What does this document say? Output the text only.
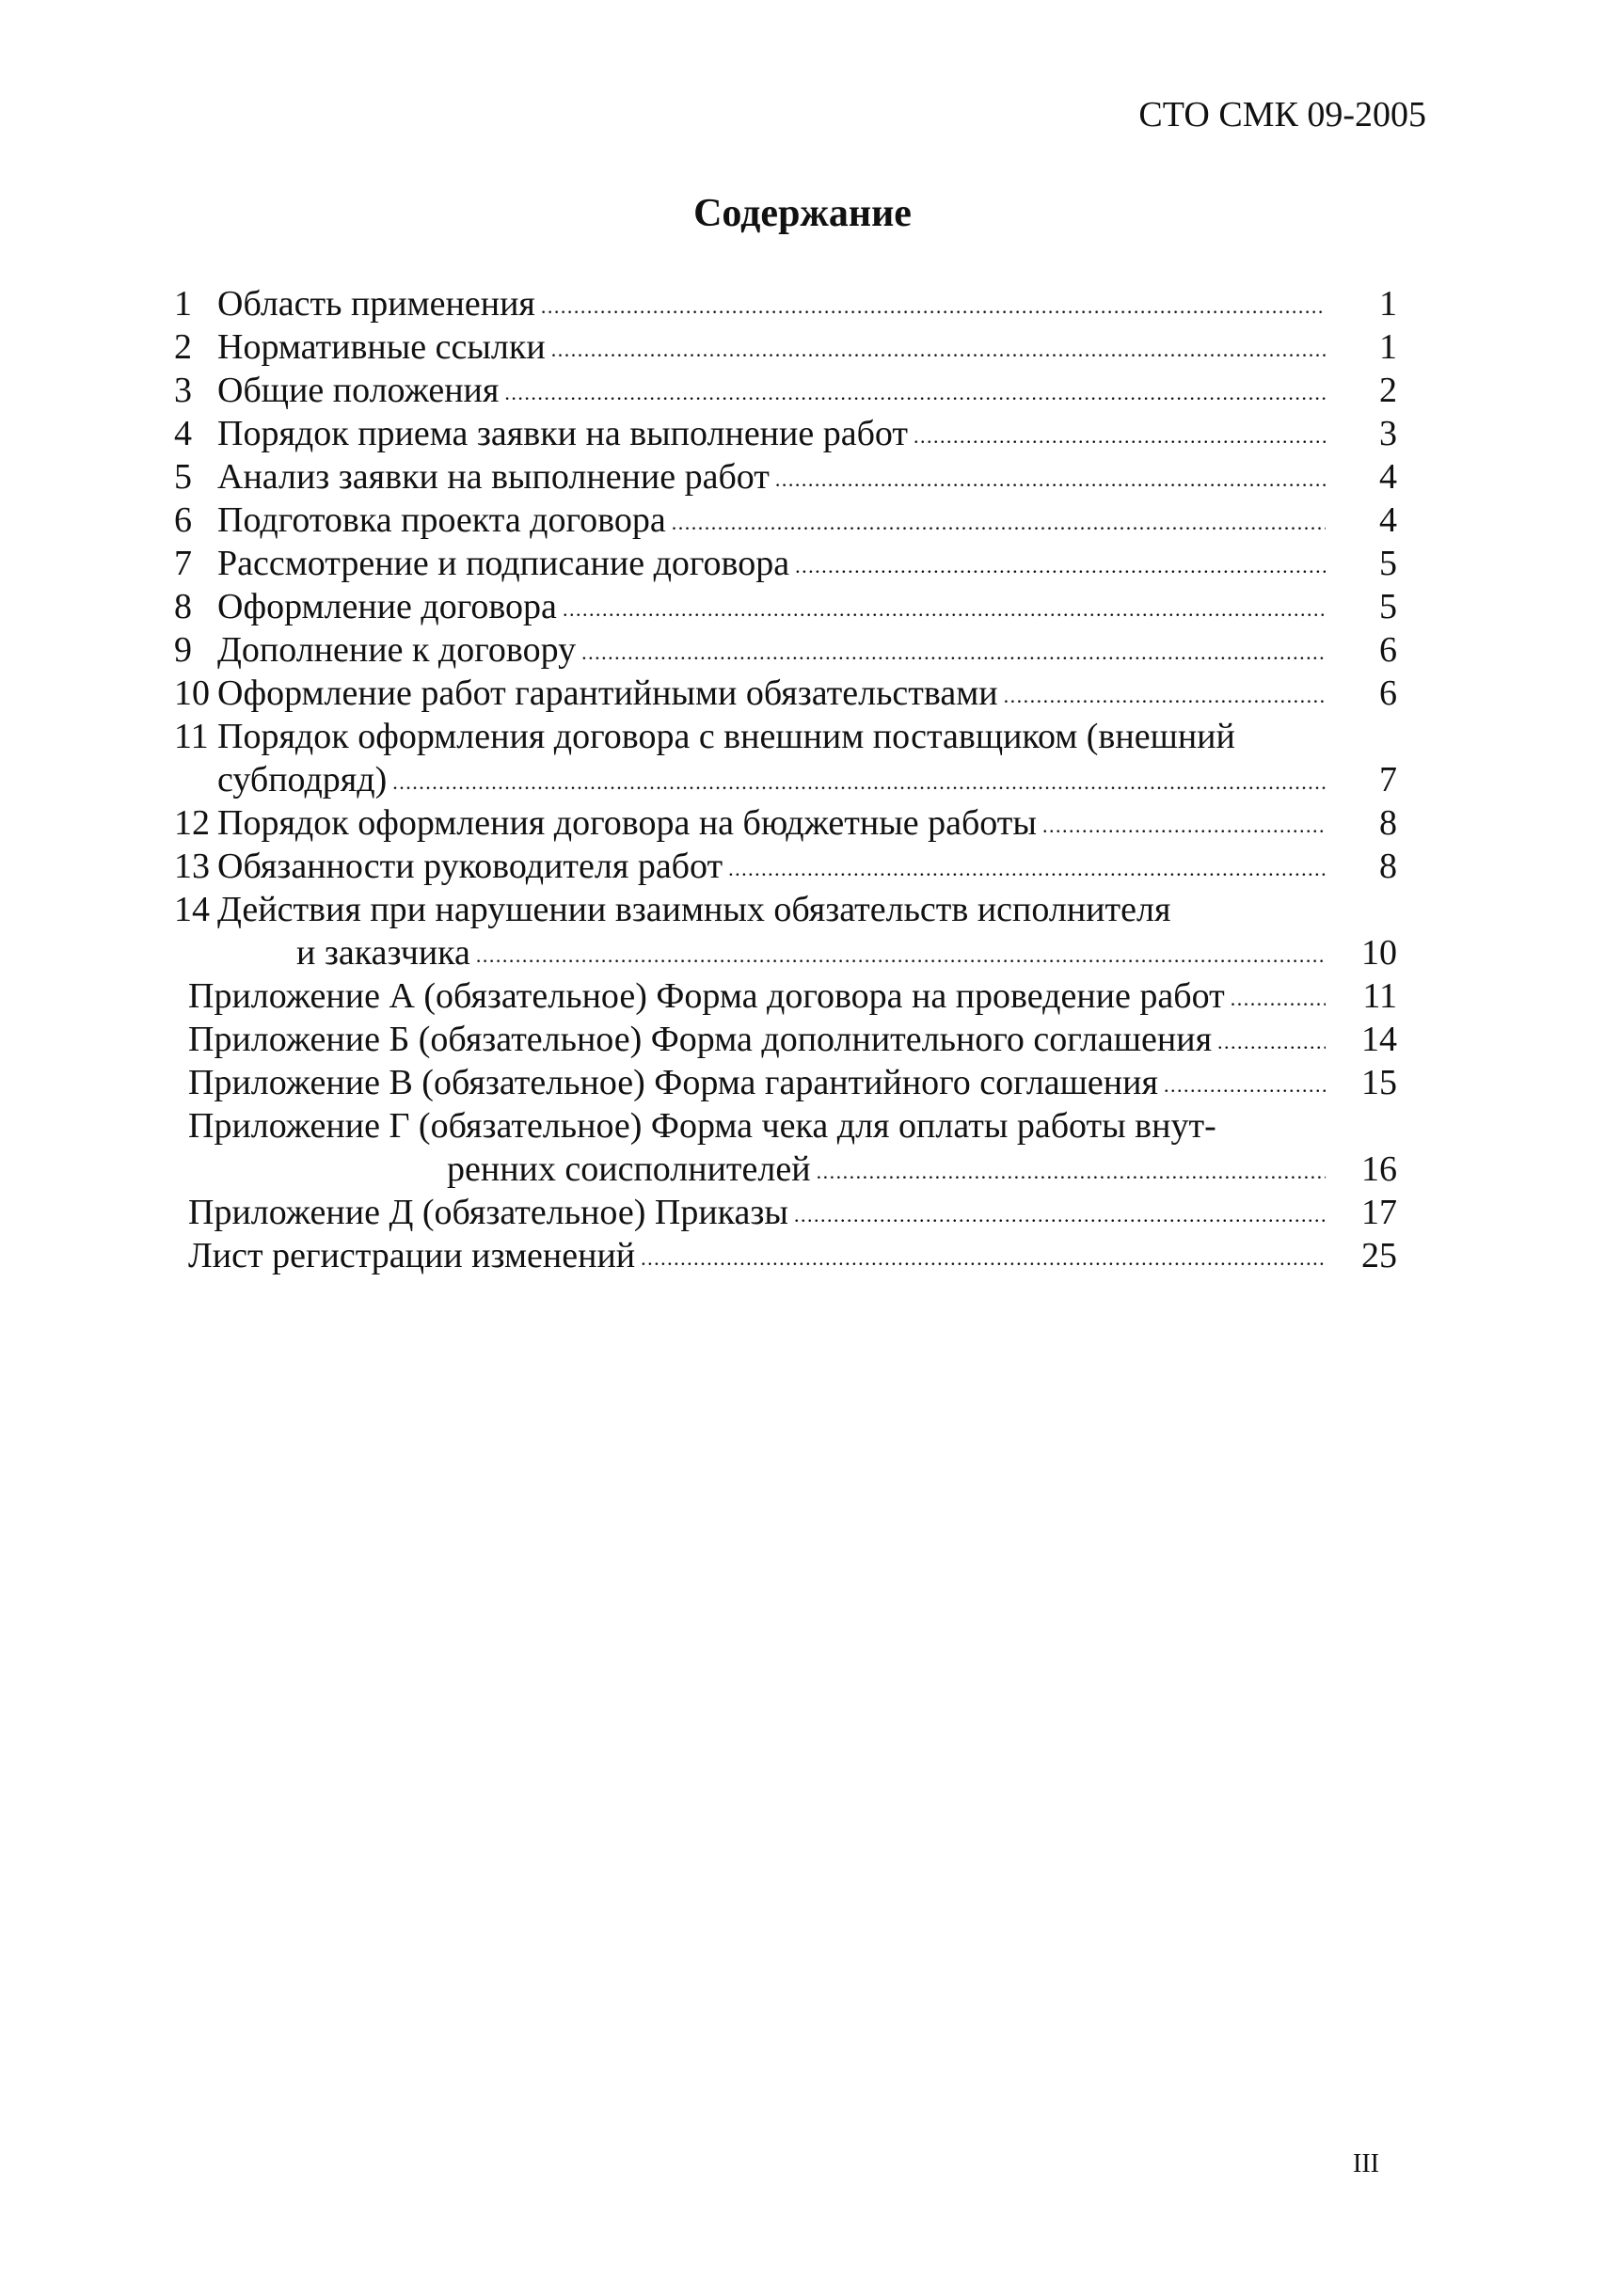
СТО СМК 09-2005
Содержание
1 Область применения . . .	1
2 Нормативные ссылки . . .	1
3 Общие положения . . .	2
4 Порядок приема заявки на выполнение работ . . .	3
5 Анализ заявки на выполнение работ . . .	4
6 Подготовка проекта договора . . .	4
7 Рассмотрение и подписание договора . . .	5
8 Оформление договора . . .	5
9 Дополнение к договору . . .	6
10 Оформление работ гарантийными обязательствами . . .	6
11 Порядок оформления договора с внешним поставщиком (внешний
субподряд) . . .	7
12 Порядок оформления договора на бюджетные работы . . .	8
13 Обязанности руководителя работ . . .	8
14 Действия при нарушении взаимных обязательств исполнителя
и заказчика . . .	10
Приложение А (обязательное) Форма договора на проведение работ . . .	11
Приложение Б (обязательное) Форма дополнительного соглашения . . .	14
Приложение В (обязательное) Форма гарантийного соглашения . . .	15
Приложение Г (обязательное) Форма чека для оплаты работы внут-
ренних соисполнителей . . .	16
Приложение Д (обязательное) Приказы . . .	17
Лист регистрации изменений . . .	25
III
